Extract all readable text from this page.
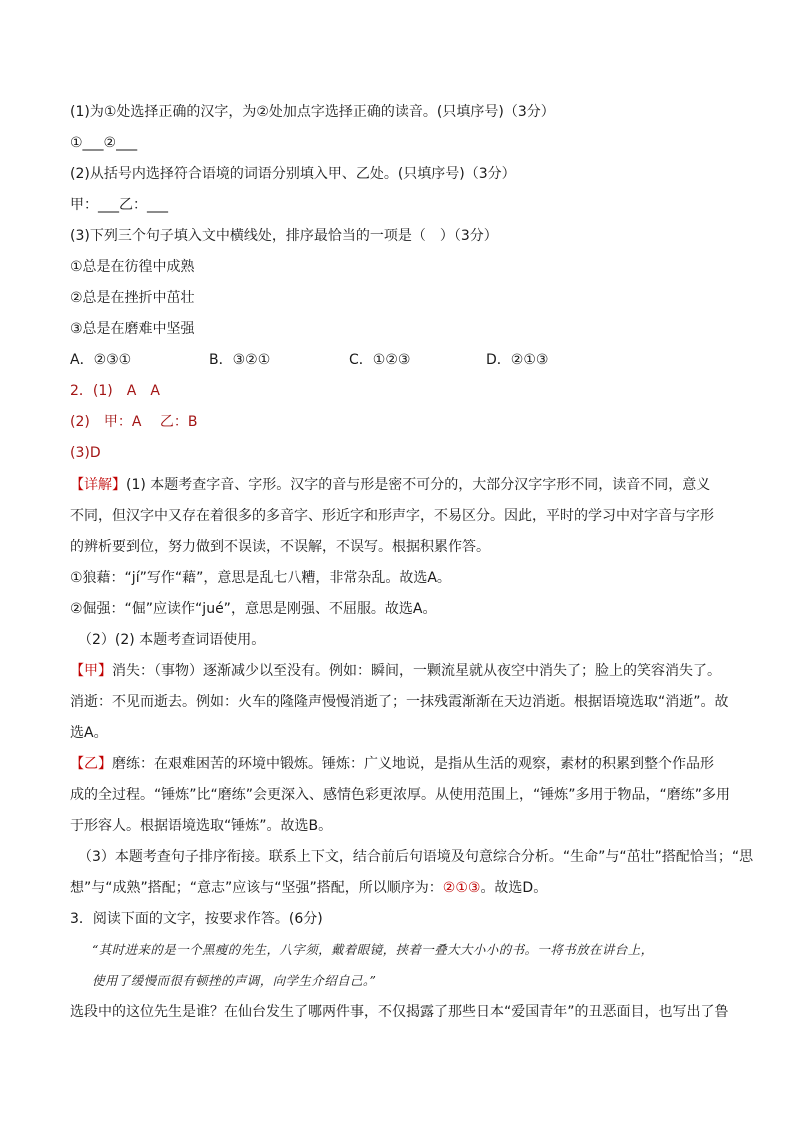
(1)为①处选择正确的汉字，为②处加点字选择正确的读音。(只填序号)（3分）
①___②___
(2)从括号内选择符合语境的词语分别填入甲、乙处。(只填序号)（3分）
甲：___乙：___
(3)下列三个句子填入文中横线处，排序最恰当的一项是（　）（3分）
①总是在彷徨中成熟
②总是在挫折中茁壮
③总是在磨难中坚强
A．②③①	B．③②①	C．①②③	D．②①③
2．(1)　A　A
(2)　甲：A　 乙：B
(3)D
【详解】(1) 本题考查字音、字形。汉字的音与形是密不可分的，大部分汉字字形不同，读音不同，意义
不同，但汉字中又存在着很多的多音字、形近字和形声字，不易区分。因此，平时的学习中对字音与字形
的辨析要到位，努力做到不误读，不误解，不误写。根据积累作答。
①狼藉：“jí”写作“藉”，意思是乱七八糟，非常杂乱。故选A。
②倔强：“倔”应读作“jué”，意思是刚强、不屈服。故选A。
（2）(2) 本题考查词语使用。
【甲】消失：（事物）逐渐减少以至没有。例如：瞬间，一颗流星就从夜空中消失了；脸上的笑容消失了。
消逝：不见而逝去。例如：火车的隆隆声慢慢消逝了；一抹残霞渐渐在天边消逝。根据语境选取“消逝”。故
选A。
【乙】磨练：在艰难困苦的环境中锻炼。锤炼：广义地说，是指从生活的观察，素材的积累到整个作品形
成的全过程。“锤炼”比“磨练”会更深入、感情色彩更浓厚。从使用范围上，“锤炼”多用于物品，“磨练”多用
于形容人。根据语境选取“锤炼”。故选B。
（3）本题考查句子排序衔接。联系上下文，结合前后句语境及句意综合分析。“生命”与“茁壮”搭配恰当；“思
想”与“成熟”搭配；“意志”应该与“坚强”搭配，所以顺序为：②①③。故选D。
3．阅读下面的文字，按要求作答。(6分)
“其时进来的是一个黑瘦的先生，八字须，戴着眼镜，挟着一叠大大小小的书。一将书放在讲台上，
使用了缓慢而很有顿挫的声调，向学生介绍自己。”
选段中的这位先生是谁？在仙台发生了哪两件事，不仅揭露了那些日本“爱国青年”的丑恶面目，也写出了鲁
